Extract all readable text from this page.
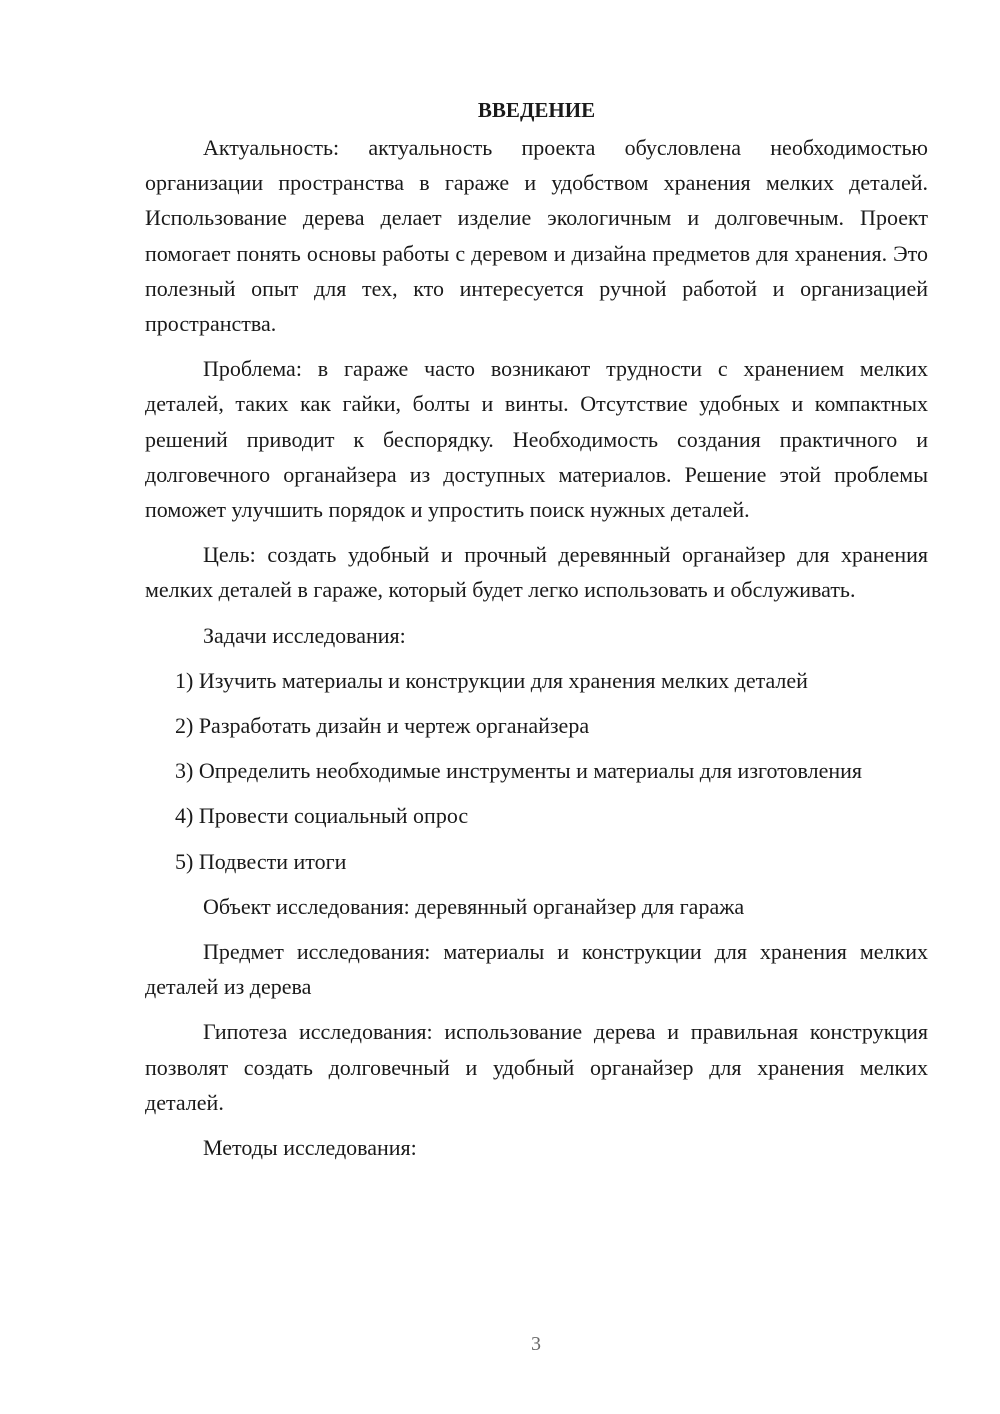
ВВЕДЕНИЕ

Актуальность: актуальность проекта обусловлена необходимостью организации пространства в гараже и удобством хранения мелких деталей. Использование дерева делает изделие экологичным и долговечным. Проект помогает понять основы работы с деревом и дизайна предметов для хранения. Это полезный опыт для тех, кто интересуется ручной работой и организацией пространства.

Проблема: в гараже часто возникают трудности с хранением мелких деталей, таких как гайки, болты и винты. Отсутствие удобных и компактных решений приводит к беспорядку. Необходимость создания практичного и долговечного органайзера из доступных материалов. Решение этой проблемы поможет улучшить порядок и упростить поиск нужных деталей.

Цель: создать удобный и прочный деревянный органайзер для хранения мелких деталей в гараже, который будет легко использовать и обслуживать.

Задачи исследования:

1) Изучить материалы и конструкции для хранения мелких деталей

2) Разработать дизайн и чертеж органайзера

3) Определить необходимые инструменты и материалы для изготовления

4) Провести социальный опрос

5) Подвести итоги

Объект исследования: деревянный органайзер для гаража

Предмет исследования: материалы и конструкции для хранения мелких деталей из дерева

Гипотеза исследования: использование дерева и правильная конструкция позволят создать долговечный и удобный органайзер для хранения мелких деталей.

Методы исследования:

3
